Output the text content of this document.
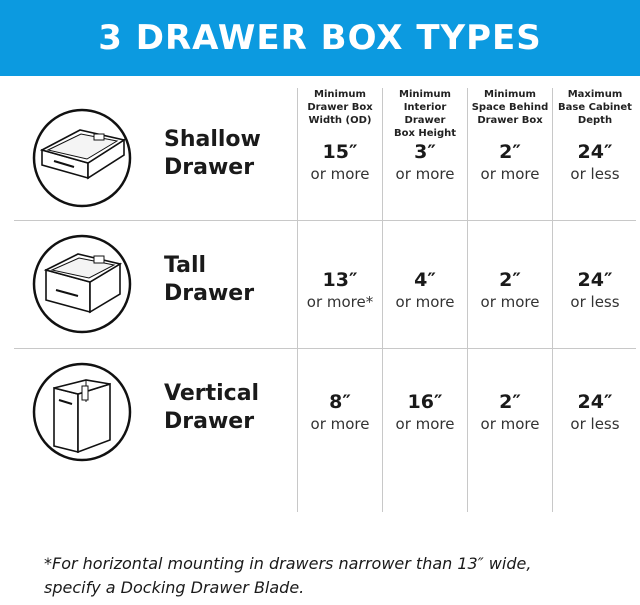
3 DRAWER BOX TYPES
Minimum
Drawer Box
Width (OD)
Minimum
Interior Drawer
Box Height
Minimum
Space Behind
Drawer Box
Maximum
Base Cabinet
Depth
Shallow
Drawer
15″
or more
3″
or more
2″
or more
24″
or less
Tall
Drawer
13″
or more*
4″
or more
2″
or more
24″
or less
Vertical
Drawer
8″
or more
16″
or more
2″
or more
24″
or less
*For horizontal mounting in drawers narrower than 13″ wide,
specify a Docking Drawer Blade.
